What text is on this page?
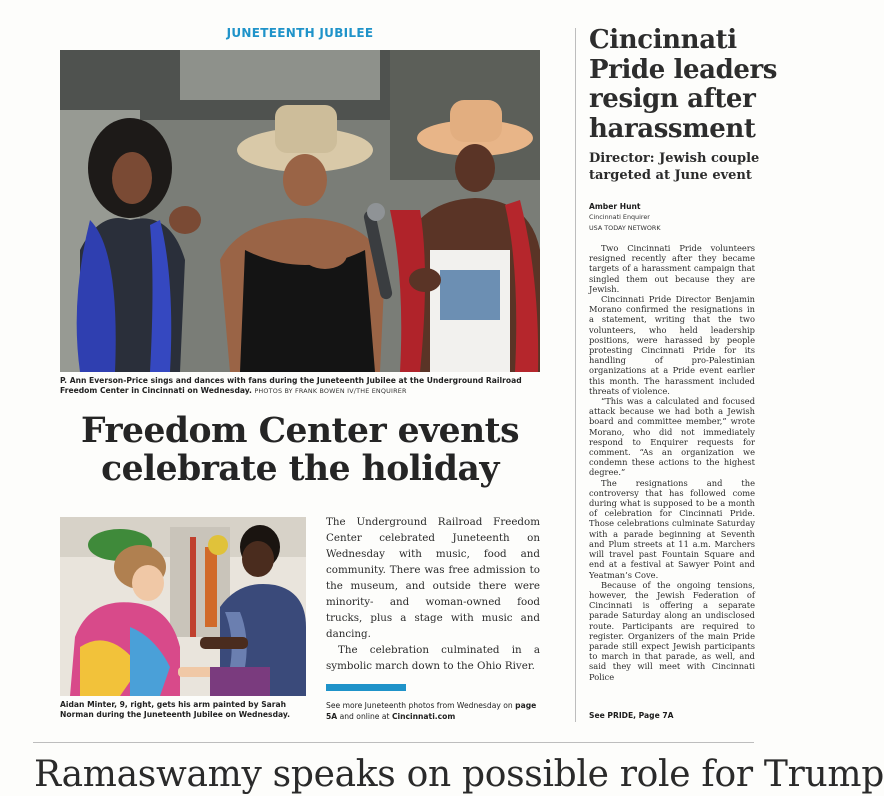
JUNETEENTH JUBILEE
P. Ann Everson-Price sings and dances with fans during the Juneteenth Jubilee at the Underground Railroad Freedom Center in Cincinnati on Wednesday. PHOTOS BY FRANK BOWEN IV/THE ENQUIRER
Freedom Center events celebrate the holiday
Aidan Minter, 9, right, gets his arm painted by Sarah Norman during the Juneteenth Jubilee on Wednesday.

The Underground Railroad Freedom Center celebrated Juneteenth on Wednesday with music, food and community. There was free admission to the museum, and outside there were minority- and woman-owned food trucks, plus a stage with music and dancing.

The celebration culminated in a symbolic march down to the Ohio River.

See more Juneteenth photos from Wednesday on page 5A and online at Cincinnati.com
Cincinnati Pride leaders resign after harassment
Director: Jewish couple targeted at June event
Amber Hunt
Cincinnati Enquirer
USA TODAY NETWORK

Two Cincinnati Pride volunteers resigned recently after they became targets of a harassment campaign that singled them out because they are Jewish.

Cincinnati Pride Director Benjamin Morano confirmed the resignations in a statement, writing that the two volunteers, who held leadership positions, were harassed by people protesting Cincinnati Pride for its handling of pro-Palestinian organizations at a Pride event earlier this month. The harassment included threats of violence.

“This was a calculated and focused attack because we had both a Jewish board and committee member,” wrote Morano, who did not immediately respond to Enquirer requests for comment. “As an organization we condemn these actions to the highest degree.”

The resignations and the controversy that has followed come during what is supposed to be a month of celebration for Cincinnati Pride. Those celebrations culminate Saturday with a parade beginning at Seventh and Plum streets at 11 a.m. Marchers will travel past Fountain Square and end at a festival at Sawyer Point and Yeatman’s Cove.

Because of the ongoing tensions, however, the Jewish Federation of Cincinnati is offering a separate parade Saturday along an undisclosed route. Participants are required to register. Organizers of the main Pride parade still expect Jewish participants to march in that parade, as well, and said they will meet with Cincinnati Police

See PRIDE, Page 7A
Ramaswamy speaks on possible role for Trump
